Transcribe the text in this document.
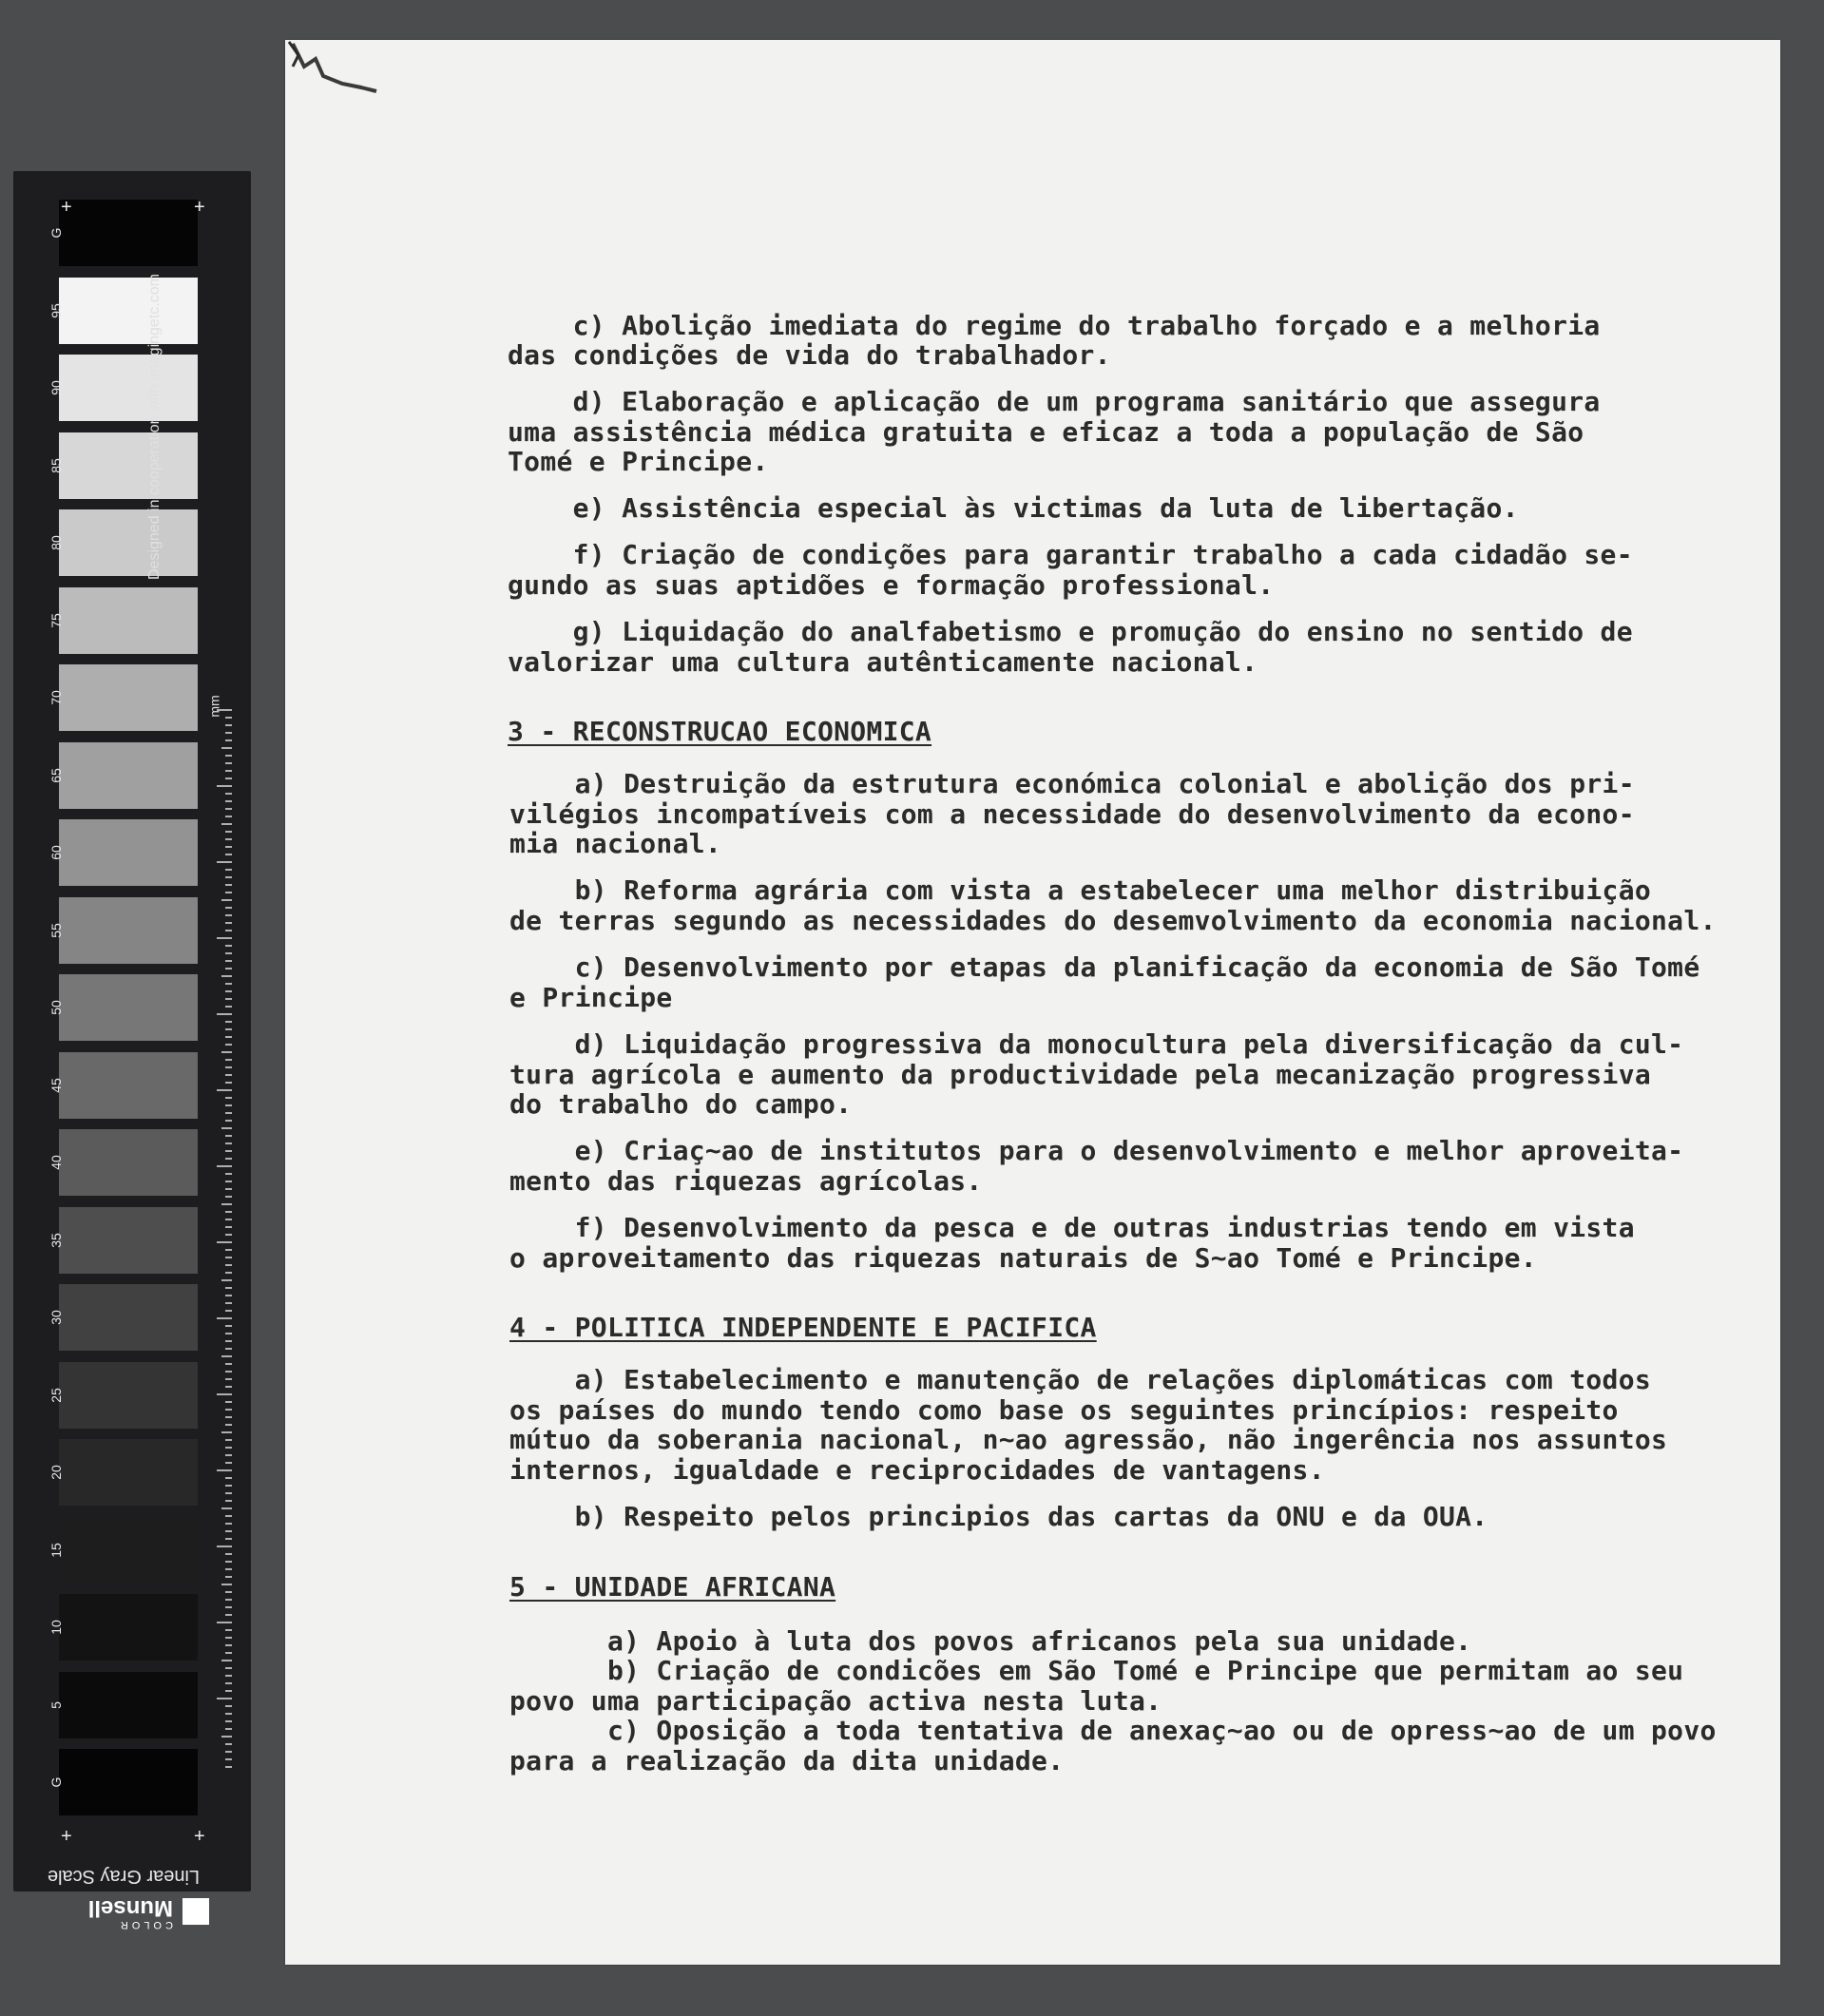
+	+
+	+
Designed in cooperation with imagingetc.com
G
95
90
85
80
75
70
65
60
55
50
45
40
35
30
25
20
15
10
5
G
mm
Linear Gray Scale
COLOR
Munsell
c) Abolição imediata do regime do trabalho forçado e a melhoria
das condições de vida do trabalhador.
d) Elaboração e aplicação de um programa sanitário que assegura
uma assistência médica gratuita e eficaz a toda a população de São
Tomé e Principe.
e) Assistência especial às victimas da luta de libertação.
f) Criação de condições para garantir trabalho a cada cidadão se-
gundo as suas aptidões e formação professional.
g) Liquidação do analfabetismo e promução do ensino no sentido de
valorizar uma cultura autênticamente nacional.
3 - RECONSTRUCAO ECONOMICA
a) Destruição da estrutura económica colonial e abolição dos pri-
vilégios incompatíveis com a necessidade do desenvolvimento da econo-
mia nacional.
b) Reforma agrária com vista a estabelecer uma melhor distribuição
de terras segundo as necessidades do desemvolvimento da economia nacional.
c) Desenvolvimento por etapas da planificação da economia de São Tomé
e Principe
d) Liquidação progressiva da monocultura pela diversificação da cul-
tura agrícola e aumento da productividade pela mecanização progressiva
do trabalho do campo.
e) Criaç~ao de institutos para o desenvolvimento e melhor aproveita-
mento das riquezas agrícolas.
f) Desenvolvimento da pesca e de outras industrias tendo em vista
o aproveitamento das riquezas naturais de S~ao Tomé e Principe.
4 - POLITICA INDEPENDENTE E PACIFICA
a) Estabelecimento e manutenção de relações diplomáticas com todos
os países do mundo tendo como base os seguintes princípios: respeito
mútuo da soberania nacional, n~ao agressão, não ingerência nos assuntos
internos, igualdade e reciprocidades de vantagens.
b) Respeito pelos principios das cartas da ONU e da OUA.
5 - UNIDADE AFRICANA
a) Apoio à luta dos povos africanos pela sua unidade.
b) Criação de condicões em São Tomé e Principe que permitam ao seu
povo uma participação activa nesta luta.
c) Oposição a toda tentativa de anexaç~ao ou de opress~ao de um povo
para a realização da dita unidade.
